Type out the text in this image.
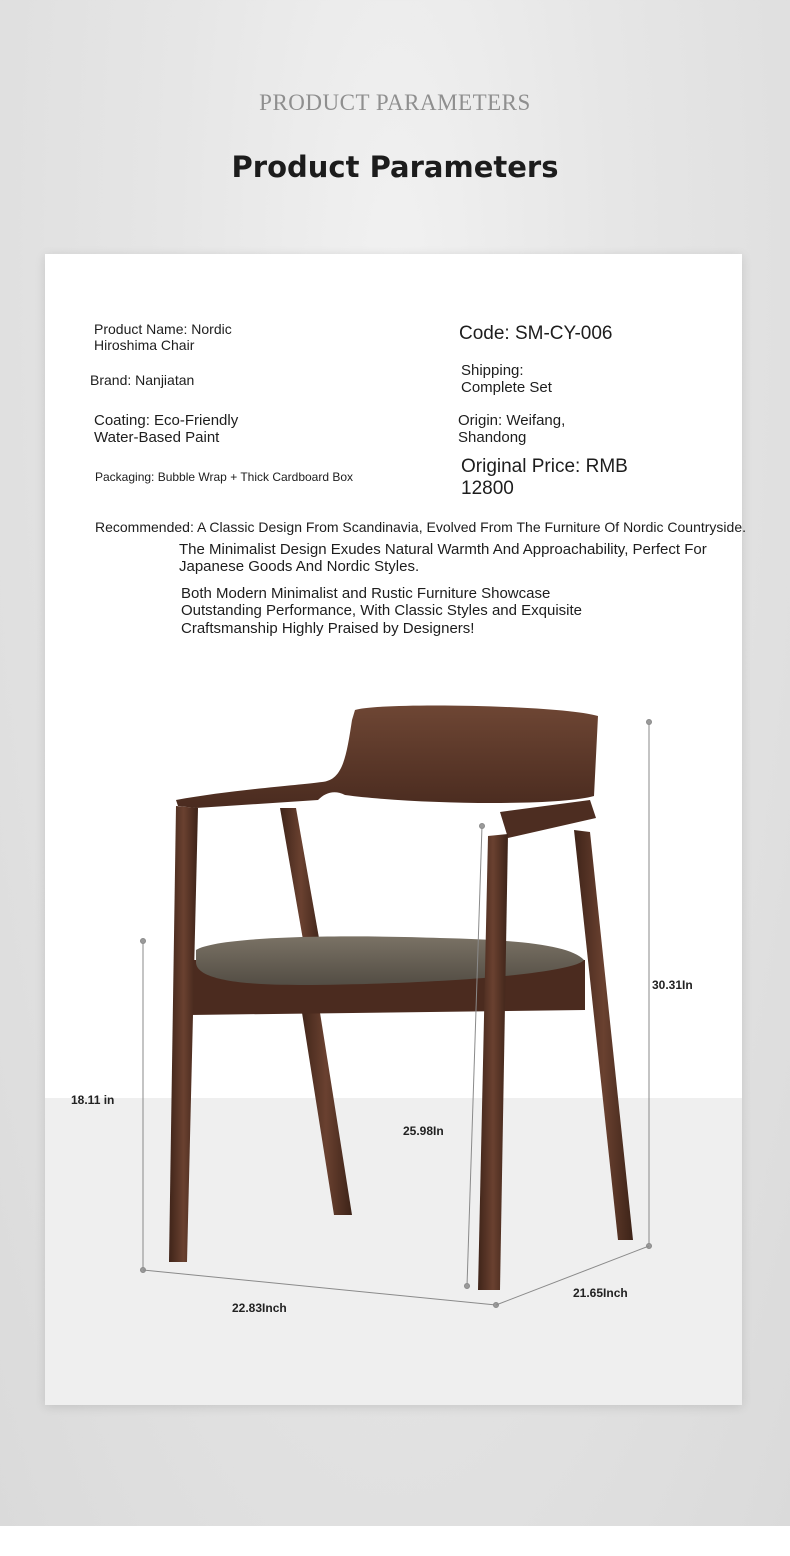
PRODUCT PARAMETERS
Product Parameters
Product Name: Nordic Hiroshima Chair
Brand: Nanjiatan
Coating: Eco-Friendly Water-Based Paint
Packaging: Bubble Wrap + Thick Cardboard Box
Code: SM-CY-006
Shipping: Complete Set
Origin: Weifang, Shandong
Original Price: RMB 12800
Recommended: A Classic Design From Scandinavia, Evolved From The Furniture Of Nordic Countryside.
The Minimalist Design Exudes Natural Warmth And Approachability, Perfect For Japanese Goods And Nordic Styles.
Both Modern Minimalist and Rustic Furniture Showcase Outstanding Performance, With Classic Styles and Exquisite Craftsmanship Highly Praised by Designers!
18.11 in
25.98In
30.31In
22.83Inch
21.65Inch
